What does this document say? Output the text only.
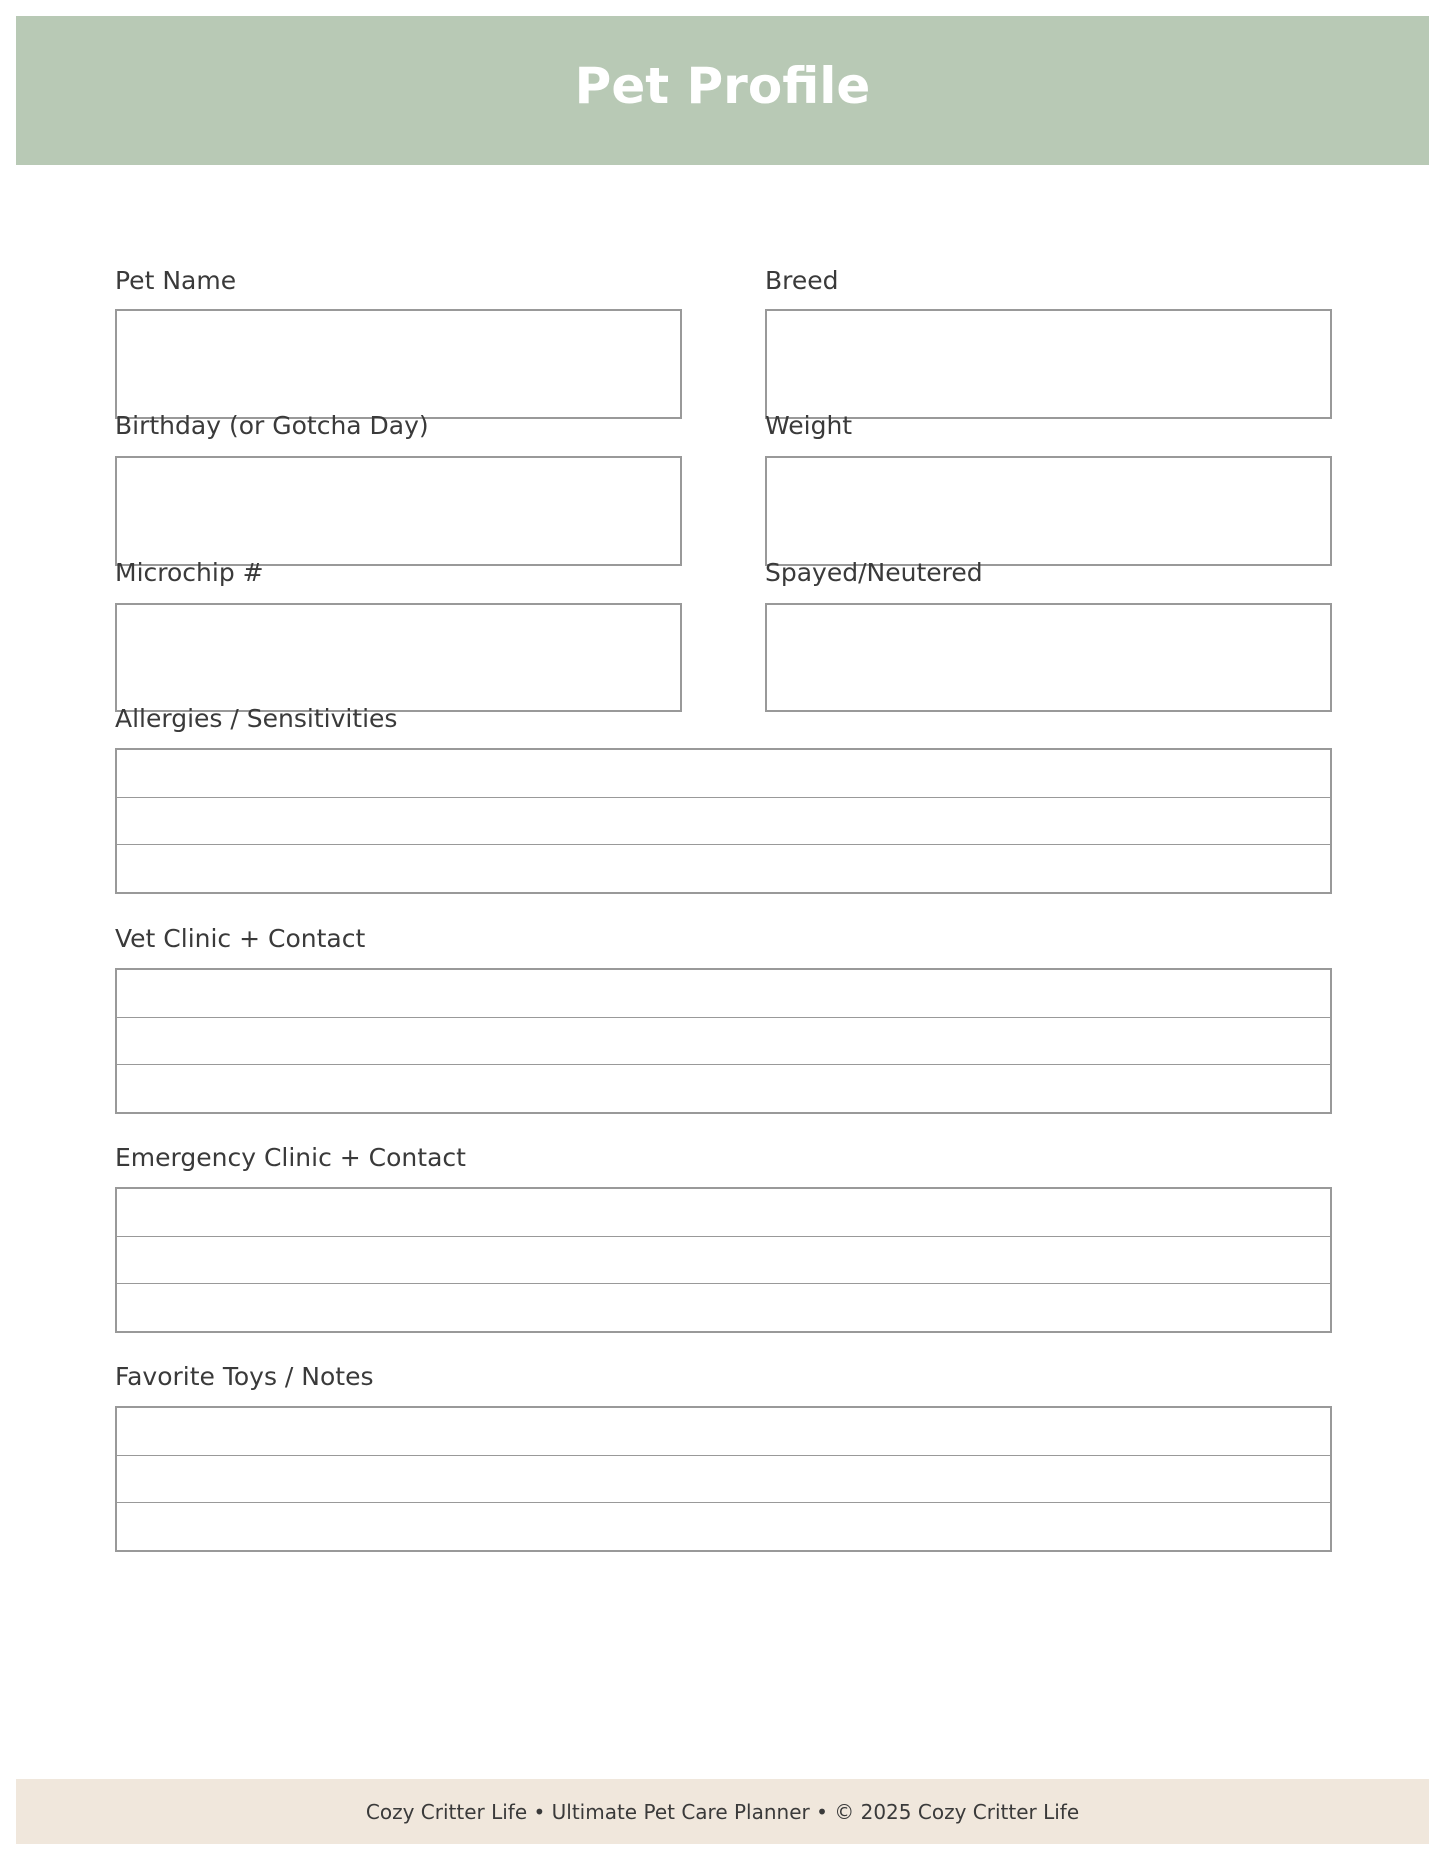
Pet Profile
Pet Name	Breed
Birthday (or Gotcha Day)	Weight
Microchip #	Spayed/Neutered
Allergies / Sensitivities
Vet Clinic + Contact
Emergency Clinic + Contact
Favorite Toys / Notes
Cozy Critter Life • Ultimate Pet Care Planner • © 2025 Cozy Critter Life
